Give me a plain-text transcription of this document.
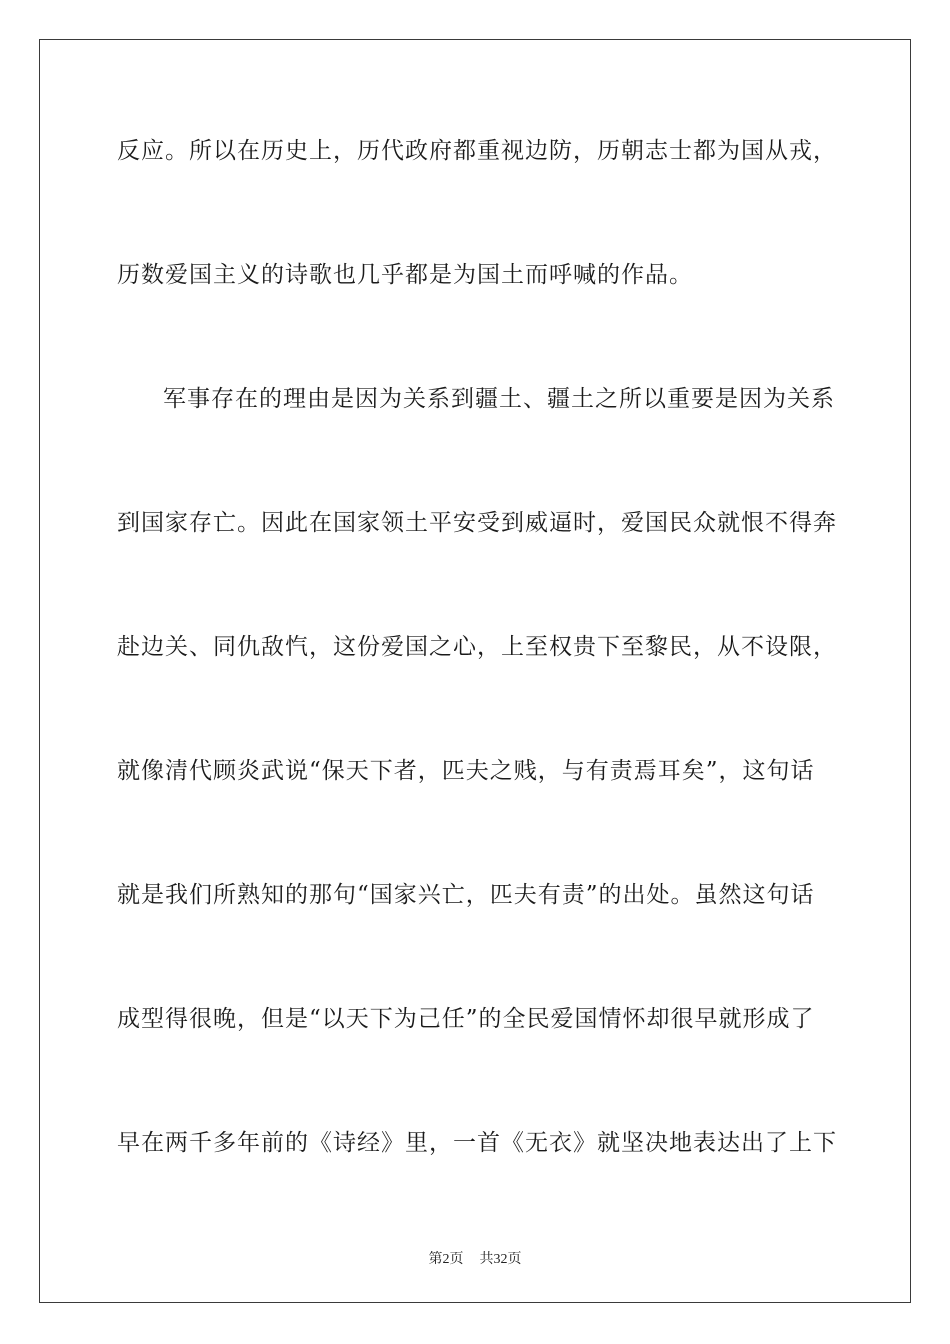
反应。所以在历史上，历代政府都重视边防，历朝志士都为国从戎，
历数爱国主义的诗歌也几乎都是为国土而呼喊的作品。
军事存在的理由是因为关系到疆土、疆土之所以重要是因为关系
到国家存亡。因此在国家领土平安受到威逼时，爱国民众就恨不得奔
赴边关、同仇敌忾，这份爱国之心，上至权贵下至黎民，从不设限，
就像清代顾炎武说“保天下者，匹夫之贱，与有责焉耳矣”，这句话
就是我们所熟知的那句“国家兴亡，匹夫有责”的出处。虽然这句话
成型得很晚，但是“以天下为己任”的全民爱国情怀却很早就形成了
早在两千多年前的《诗经》里，一首《无衣》就坚决地表达出了上下
第2页 共32页
